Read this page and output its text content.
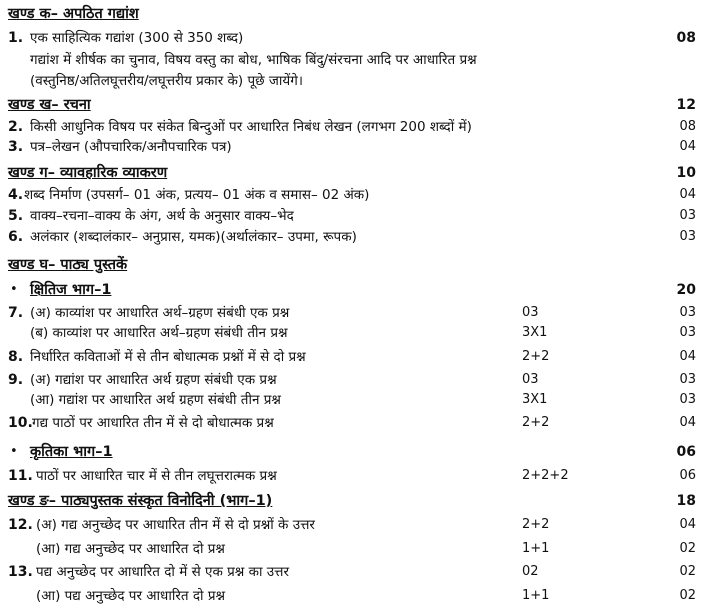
खण्ड क– अपठित गद्यांश
1. एक साहित्यिक गद्यांश (300 से 350 शब्द)	08
गद्यांश में शीर्षक का चुनाव, विषय वस्तु का बोध, भाषिक बिंदु/संरचना आदि पर आधारित प्रश्न
(वस्तुनिष्ठ/अतिलघूत्तरीय/लघूत्तरीय प्रकार के) पूछे जायेंगे।
खण्ड ख– रचना	12
2. किसी आधुनिक विषय पर संकेत बिन्दुओं पर आधारित निबंध लेखन (लगभग 200 शब्दों में)	08
3. पत्र–लेखन (औपचारिक/अनौपचारिक पत्र)	04
खण्ड ग– व्यावहारिक व्याकरण	10
4. शब्द निर्माण (उपसर्ग– 01 अंक, प्रत्यय– 01 अंक व समास– 02 अंक)	04
5. वाक्य–रचना–वाक्य के अंग, अर्थ के अनुसार वाक्य–भेद	03
6. अलंकार (शब्दालंकार– अनुप्रास, यमक)(अर्थालंकार– उपमा, रूपक)	03
खण्ड घ– पाठ्य पुस्तकें
• क्षितिज भाग–1	20
7. (अ) काव्यांश पर आधारित अर्थ–ग्रहण संबंधी एक प्रश्न	03	03
(ब) काव्यांश पर आधारित अर्थ–ग्रहण संबंधी तीन प्रश्न	3X1	03
8. निर्धारित कविताओं में से तीन बोधात्मक प्रश्नों में से दो प्रश्न	2+2	04
9. (अ) गद्यांश पर आधारित अर्थ ग्रहण संबंधी एक प्रश्न	03	03
(आ) गद्यांश पर आधारित अर्थ ग्रहण संबंधी तीन प्रश्न	3X1	03
10. गद्य पाठों पर आधारित तीन में से दो बोधात्मक प्रश्न	2+2	04
• कृतिका भाग–1	06
11. पाठों पर आधारित चार में से तीन लघूत्तरात्मक प्रश्न	2+2+2	06
खण्ड ङ– पाठ्यपुस्तक संस्कृत विनोदिनी (भाग–1)	18
12. (अ) गद्य अनुच्छेद पर आधारित तीन में से दो प्रश्नों के उत्तर	2+2	04
(आ) गद्य अनुच्छेद पर आधारित दो प्रश्न	1+1	02
13. पद्य अनुच्छेद पर आधारित दो में से एक प्रश्न का उत्तर	02	02
(आ) पद्य अनुच्छेद पर आधारित दो प्रश्न	1+1	02
